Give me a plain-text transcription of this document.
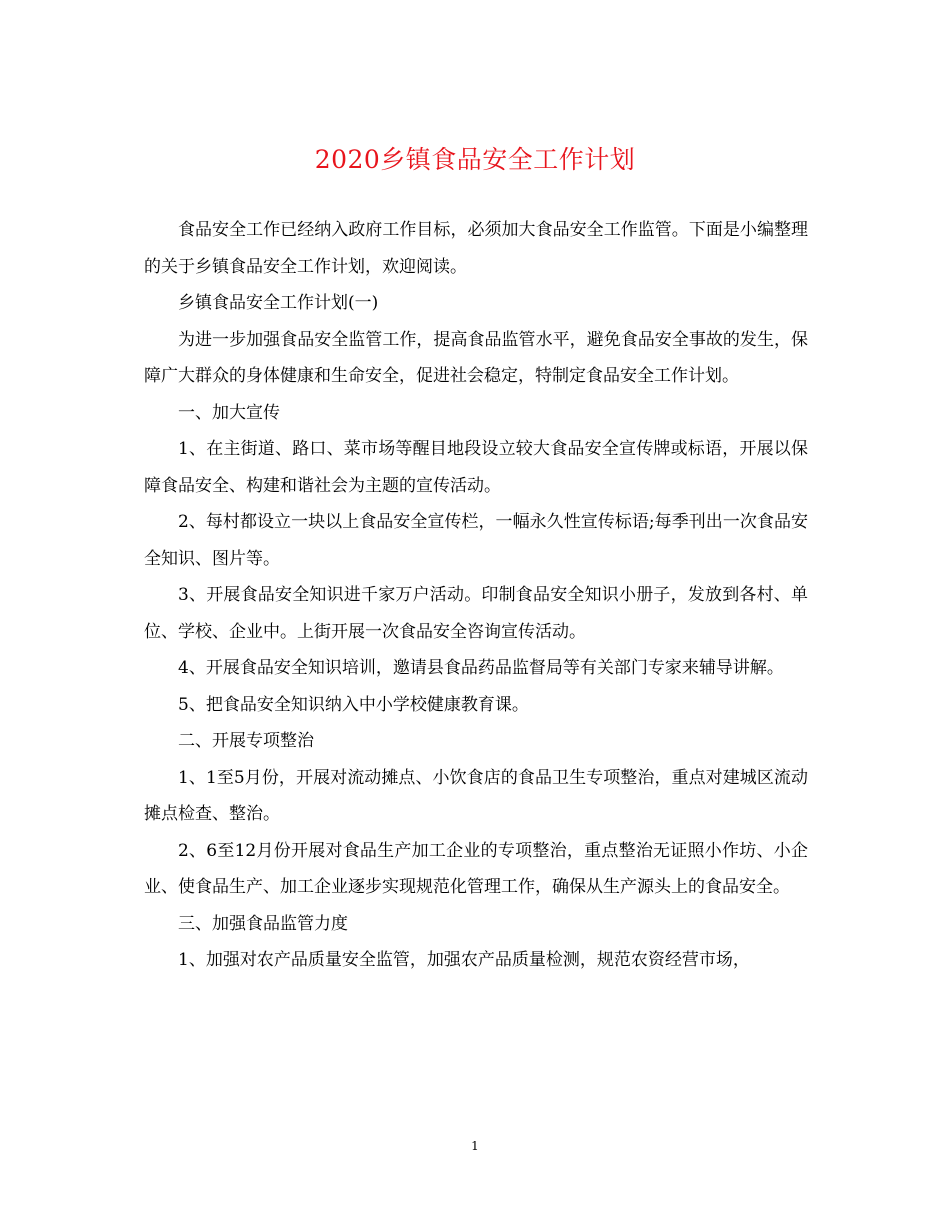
2020乡镇食品安全工作计划

食品安全工作已经纳入政府工作目标，必须加大食品安全工作监管。下面是小编整理的关于乡镇食品安全工作计划，欢迎阅读。

乡镇食品安全工作计划(一)

为进一步加强食品安全监管工作，提高食品监管水平，避免食品安全事故的发生，保障广大群众的身体健康和生命安全，促进社会稳定，特制定食品安全工作计划。

一、加大宣传

1、在主街道、路口、菜市场等醒目地段设立较大食品安全宣传牌或标语，开展以保障食品安全、构建和谐社会为主题的宣传活动。

2、每村都设立一块以上食品安全宣传栏，一幅永久性宣传标语;每季刊出一次食品安全知识、图片等。

3、开展食品安全知识进千家万户活动。印制食品安全知识小册子，发放到各村、单位、学校、企业中。上街开展一次食品安全咨询宣传活动。

4、开展食品安全知识培训，邀请县食品药品监督局等有关部门专家来辅导讲解。

5、把食品安全知识纳入中小学校健康教育课。

二、开展专项整治

1、1至5月份，开展对流动摊点、小饮食店的食品卫生专项整治，重点对建城区流动摊点检查、整治。

2、6至12月份开展对食品生产加工企业的专项整治，重点整治无证照小作坊、小企业、使食品生产、加工企业逐步实现规范化管理工作，确保从生产源头上的食品安全。

三、加强食品监管力度

1、加强对农产品质量安全监管，加强农产品质量检测，规范农资经营市场，

1
